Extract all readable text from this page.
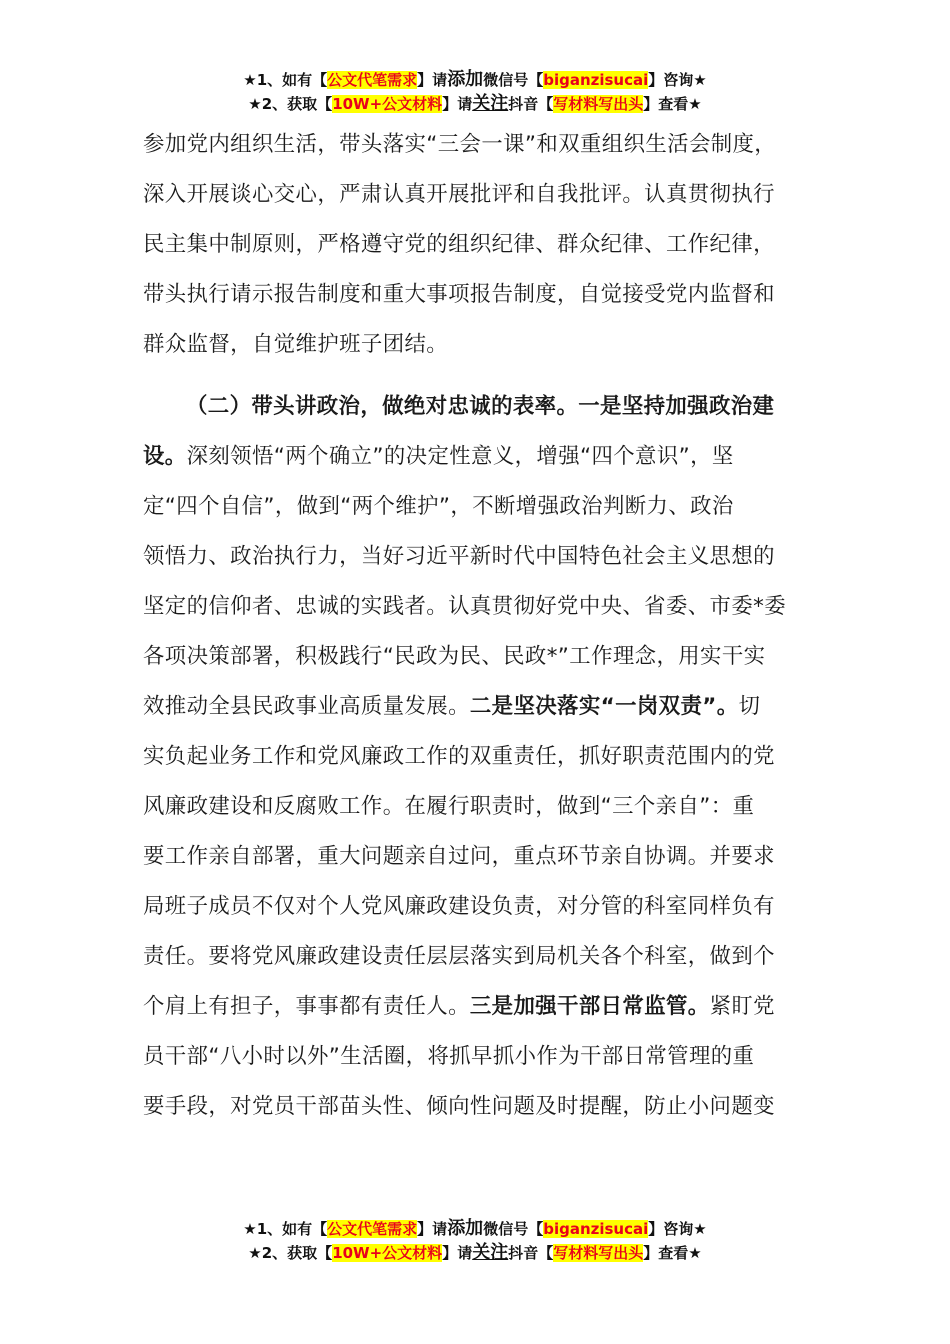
★1、如有【公文代笔需求】请添加微信号【biganzisucai】咨询★
★2、获取【10W+公文材料】请关注抖音【写材料写出头】查看★

参加党内组织生活，带头落实“三会一课”和双重组织生活会制度，
深入开展谈心交心，严肃认真开展批评和自我批评。认真贯彻执行
民主集中制原则，严格遵守党的组织纪律、群众纪律、工作纪律，
带头执行请示报告制度和重大事项报告制度，自觉接受党内监督和
群众监督，自觉维护班子团结。

（二）带头讲政治，做绝对忠诚的表率。一是坚持加强政治建
设。深刻领悟“两个确立”的决定性意义，增强“四个意识”，坚
定“四个自信”，做到“两个维护”，不断增强政治判断力、政治
领悟力、政治执行力，当好习近平新时代中国特色社会主义思想的
坚定的信仰者、忠诚的实践者。认真贯彻好党中央、省委、市委*委
各项决策部署，积极践行“民政为民、民政*”工作理念，用实干实
效推动全县民政事业高质量发展。二是坚决落实“一岗双责”。切
实负起业务工作和党风廉政工作的双重责任，抓好职责范围内的党
风廉政建设和反腐败工作。在履行职责时，做到“三个亲自”：重
要工作亲自部署，重大问题亲自过问，重点环节亲自协调。并要求
局班子成员不仅对个人党风廉政建设负责，对分管的科室同样负有
责任。要将党风廉政建设责任层层落实到局机关各个科室，做到个
个肩上有担子，事事都有责任人。三是加强干部日常监管。紧盯党
员干部“八小时以外”生活圈，将抓早抓小作为干部日常管理的重
要手段，对党员干部苗头性、倾向性问题及时提醒，防止小问题变

★1、如有【公文代笔需求】请添加微信号【biganzisucai】咨询★
★2、获取【10W+公文材料】请关注抖音【写材料写出头】查看★
